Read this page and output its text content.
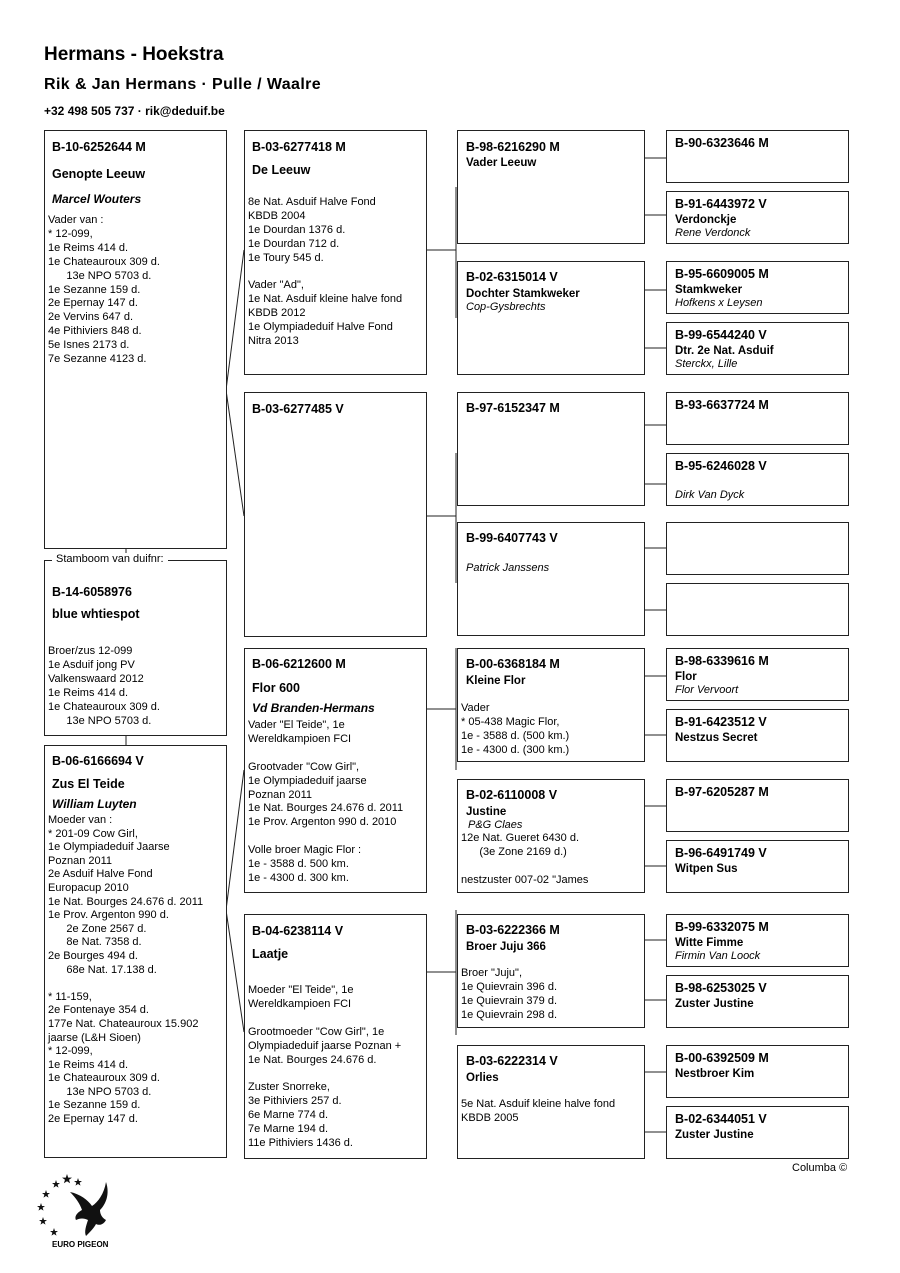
Hermans - Hoekstra
Rik & Jan Hermans · Pulle / Waalre
+32 498 505 737 · rik@deduif.be
B-10-6252644 M
Genopte Leeuw
Marcel Wouters
Vader van :
* 12-099,
1e Reims 414 d.
1e Chateauroux 309 d.
13e NPO 5703 d.
1e Sezanne 159 d.
2e Epernay 147 d.
2e Vervins 647 d.
4e Pithiviers 848 d.
5e Isnes 2173 d.
7e Sezanne 4123 d.
B-14-6058976
blue whtiespot
Broer/zus 12-099
1e Asduif jong PV
Valkenswaard 2012
1e Reims 414 d.
1e Chateauroux 309 d.
13e NPO 5703 d.
Stamboom van duifnr:
B-06-6166694 V
Zus El Teide
William Luyten
Moeder van :
* 201-09 Cow Girl,
1e Olympiadeduif Jaarse
Poznan 2011
2e Asduif Halve Fond
Europacup 2010
1e Nat. Bourges 24.676 d. 2011
1e Prov. Argenton 990 d.
2e Zone 2567 d.
8e Nat. 7358 d.
2e Bourges 494 d.
68e Nat. 17.138 d.

* 11-159,
2e Fontenaye 354 d.
177e Nat. Chateauroux 15.902
jaarse (L&H Sioen)
* 12-099,
1e Reims 414 d.
1e Chateauroux 309 d.
13e NPO 5703 d.
1e Sezanne 159 d.
2e Epernay 147 d.
B-03-6277418 M
De Leeuw
8e Nat. Asduif Halve Fond
KBDB 2004
1e Dourdan 1376 d.
1e Dourdan 712 d.
1e Toury 545 d.

Vader "Ad",
1e Nat. Asduif kleine halve fond
KBDB 2012
1e Olympiadeduif Halve Fond
Nitra 2013
B-03-6277485 V
B-06-6212600 M
Flor 600
Vd Branden-Hermans
Vader "El Teide", 1e
Wereldkampioen FCI

Grootvader "Cow Girl",
1e Olympiadeduif jaarse
Poznan 2011
1e Nat. Bourges 24.676 d. 2011
1e Prov. Argenton 990 d. 2010

Volle broer Magic Flor :
1e - 3588 d. 500 km.
1e - 4300 d. 300 km.
B-04-6238114 V
Laatje
Moeder "El Teide", 1e
Wereldkampioen FCI

Grootmoeder "Cow Girl", 1e
Olympiadeduif jaarse Poznan +
1e Nat. Bourges 24.676 d.

Zuster Snorreke,
3e Pithiviers 257 d.
6e Marne 774 d.
7e Marne 194 d.
11e Pithiviers 1436 d.
B-98-6216290 M
Vader Leeuw
B-02-6315014 V
Dochter Stamkweker
Cop-Gysbrechts
B-97-6152347 M
B-99-6407743 V
Patrick Janssens
B-00-6368184 M
Kleine Flor
Vader
* 05-438 Magic Flor,
1e - 3588 d. (500 km.)
1e - 4300 d. (300 km.)
B-02-6110008 V
Justine
P&G Claes
12e Nat. Gueret 6430 d.
(3e Zone 2169 d.)

nestzuster 007-02 "James
B-03-6222366 M
Broer Juju 366
Broer "Juju",
1e Quievrain 396 d.
1e Quievrain 379 d.
1e Quievrain 298 d.
B-03-6222314 V
Orlies
5e Nat. Asduif kleine halve fond
KBDB 2005
B-90-6323646 M
B-91-6443972 V
Verdonckje
Rene Verdonck
B-95-6609005 M
Stamkweker
Hofkens x Leysen
B-99-6544240 V
Dtr. 2e Nat. Asduif
Sterckx, Lille
B-93-6637724 M
B-95-6246028 V
Dirk Van Dyck
B-98-6339616 M
Flor
Flor Vervoort
B-91-6423512 V
Nestzus Secret
B-97-6205287 M
B-96-6491749 V
Witpen Sus
B-99-6332075 M
Witte Fimme
Firmin Van Loock
B-98-6253025 V
Zuster Justine
B-00-6392509 M
Nestbroer Kim
B-02-6344051 V
Zuster Justine
Columba ©
EURO PIGEON
